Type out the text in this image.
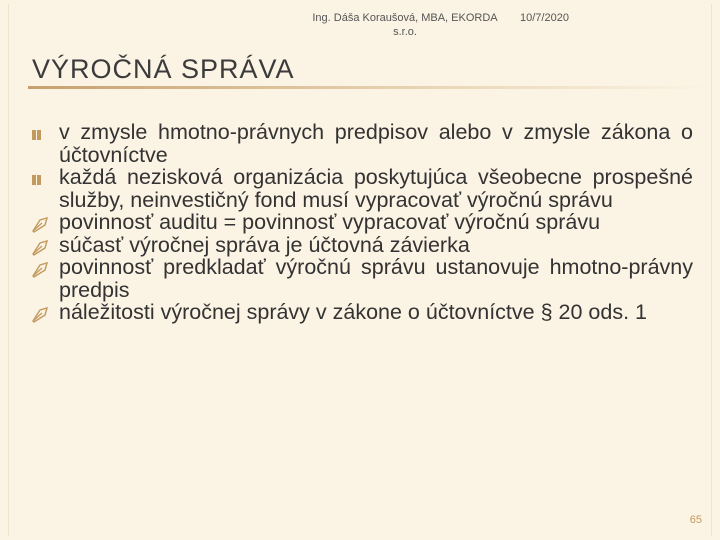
Ing. Dáša Koraušová, MBA, EKORDA s.r.o.
10/7/2020
VÝROČNÁ SPRÁVA
v zmysle hmotno-právnych predpisov alebo v zmysle zákona o účtovníctve
každá nezisková organizácia poskytujúca všeobecne prospešné služby, neinvestičný fond musí vypracovať výročnú správu
povinnosť auditu = povinnosť vypracovať výročnú správu
súčasť výročnej správa je účtovná závierka
povinnosť predkladať výročnú správu ustanovuje hmotno-právny predpis
náležitosti výročnej správy v zákone o účtovníctve § 20 ods. 1
65
